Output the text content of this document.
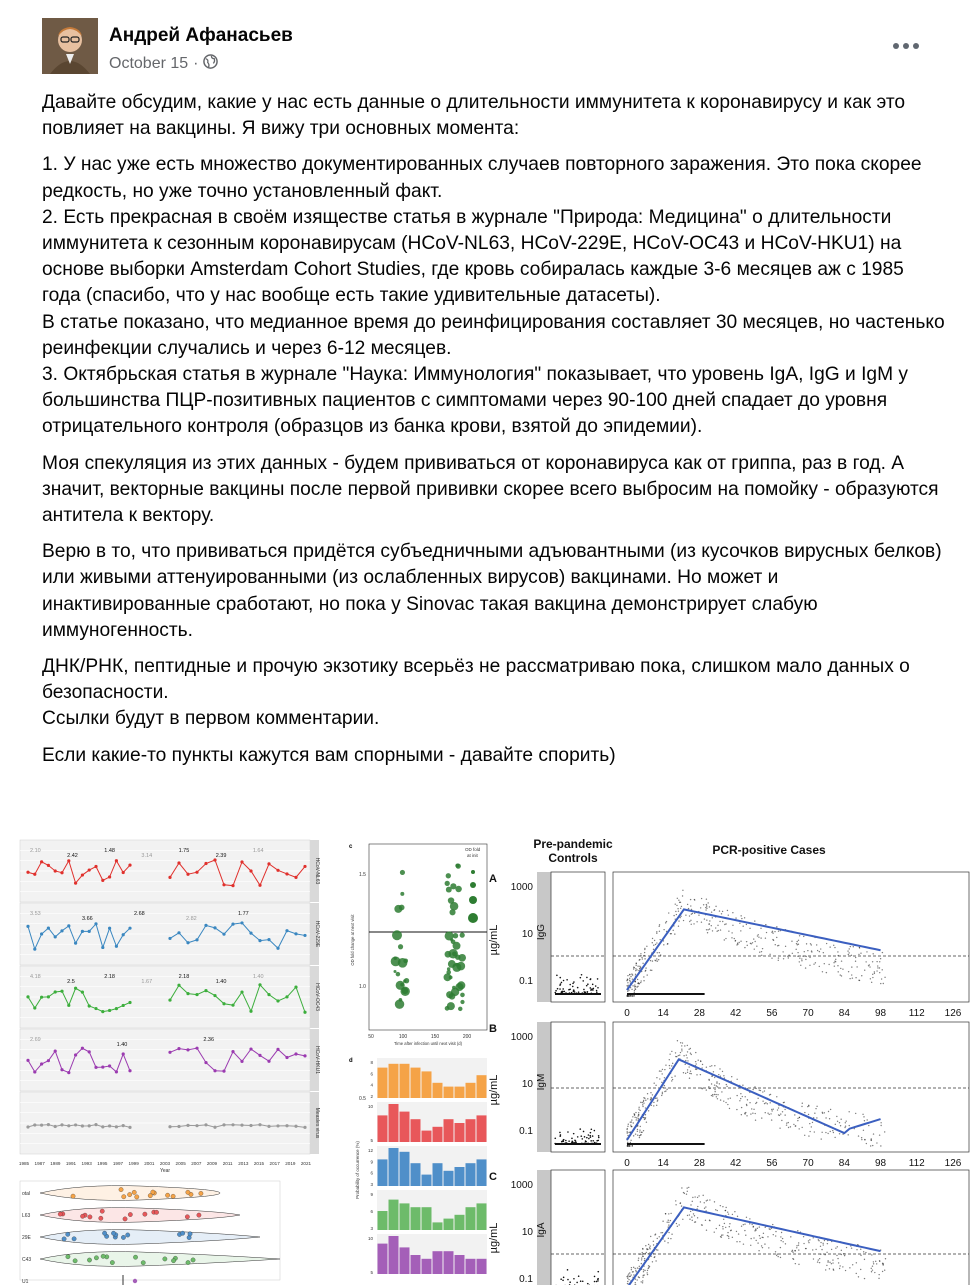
Андрей Афанасьев
October 15 ·

Давайте обсудим, какие у нас есть данные о длительности иммунитета к коронавирусу и как это повлияет на вакцины. Я вижу три основных момента:

1. У нас уже есть множество документированных случаев повторного заражения. Это пока скорее редкость, но уже точно установленный факт.
2. Есть прекрасная в своём изяществе статья в журнале "Природа: Медицина" о длительности иммунитета к сезонным коронавирусам (HCoV-NL63, HCoV-229E, HCoV-OC43 и HCoV-HKU1) на основе выборки Amsterdam Cohort Studies, где кровь собиралась каждые 3-6 месяцев аж с 1985 года (спасибо, что у нас вообще есть такие удивительные датасеты).
В статье показано, что медианное время до реинфицирования составляет 30 месяцев, но частенько реинфекции случались и через 6-12 месяцев.
3. Октябрьская статья в журнале "Наука: Иммунология" показывает, что уровень IgA, IgG и IgM у большинства ПЦР-позитивных пациентов с симптомами через 90-100 дней спадает до уровня отрицательного контроля (образцов из банка крови, взятой до эпидемии).

Моя спекуляция из этих данных - будем прививаться от коронавируса как от гриппа, раз в год. А значит, векторные вакцины после первой прививки скорее всего выбросим на помойку - образуются антитела к вектору.

Верю в то, что прививаться придётся субъедничными адъювантными (из кусочков вирусных белков) или живыми аттенуированными (из ослабленных вирусов) вакцинами. Но может и инактивированные сработают, но пока у Sinovac такая вакцина демонстрирует слабую иммуногенность.

ДНК/РНК, пептидные и прочую экзотику всерьёз не рассматриваю пока, слишком мало данных о безопасности.
Ссылки будут в первом комментарии.

Если какие-то пункты кажутся вам спорными - давайте спорить)

HCoV-NL63
2.10
2.42
1.48
3.14
1.75
2.39
1.64
HCoV-229E
3.53
3.66
2.68
2.82
1.77
HCoV-OC43
4.18
2.5
2.18
1.67
2.18
1.40
1.40
HCoV-HKU1
2.69
1.40
2.36
Measles virus
1985 1987 1989 1991 1993 1995 1997 1999 2001 2003 2005 2007 2009 2011 2013 2015 2017 2019 2021
Year
otal
L63
29E
C43
U1
c
1.5
1.0
0.5
50	100	150	200
Time after infection until next visit (d)
OD fold change at next visit
OD fold
at init
d
Probability of occurrence (%)
8
6
4
2
10
5
12
9
6
3
9
6
3
10
5
Pre-pandemic
Controls
PCR-positive Cases
A
µg/mL
1000
10
0.1
IgG
0	14	28	42	56	70	84	98 112 126
B
µg/mL
1000
10
0.1
IgM
0	14	28	42	56	70	84	98 112 126
C
µg/mL
1000
10
0.1
IgA
